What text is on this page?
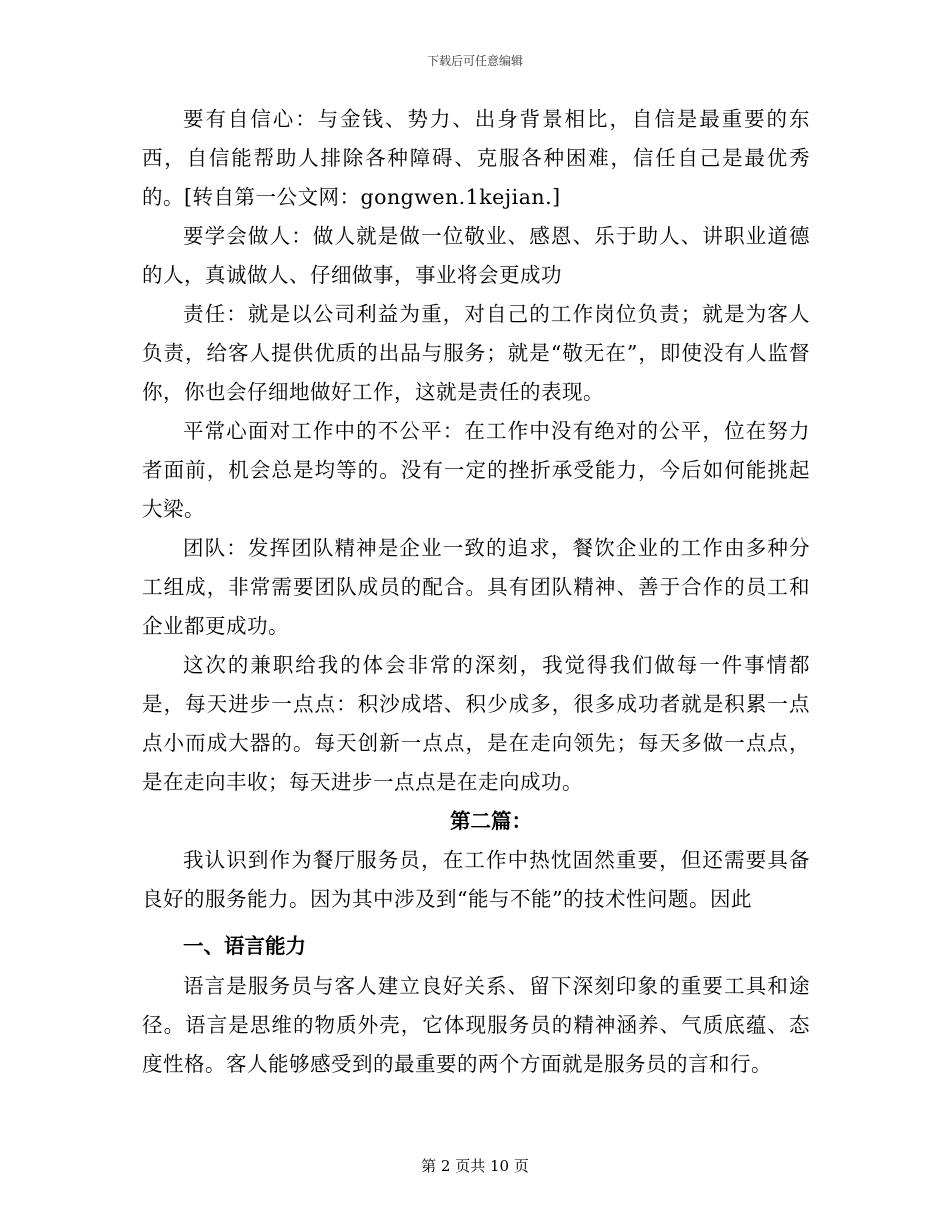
下载后可任意编辑

要有自信心：与金钱、势力、出身背景相比，自信是最重要的东西，自信能帮助人排除各种障碍、克服各种困难，信任自己是最优秀的。[转自第一公文网：gongwen.1kejian.]

要学会做人：做人就是做一位敬业、感恩、乐于助人、讲职业道德的人，真诚做人、仔细做事，事业将会更成功

责任：就是以公司利益为重，对自己的工作岗位负责；就是为客人负责，给客人提供优质的出品与服务；就是“敬无在”，即使没有人监督你，你也会仔细地做好工作，这就是责任的表现。

平常心面对工作中的不公平：在工作中没有绝对的公平，位在努力者面前，机会总是均等的。没有一定的挫折承受能力，今后如何能挑起大梁。

团队：发挥团队精神是企业一致的追求，餐饮企业的工作由多种分工组成，非常需要团队成员的配合。具有团队精神、善于合作的员工和企业都更成功。

这次的兼职给我的体会非常的深刻，我觉得我们做每一件事情都是，每天进步一点点：积沙成塔、积少成多，很多成功者就是积累一点点小而成大器的。每天创新一点点，是在走向领先；每天多做一点点，是在走向丰收；每天进步一点点是在走向成功。

第二篇：

我认识到作为餐厅服务员，在工作中热忱固然重要，但还需要具备良好的服务能力。因为其中涉及到“能与不能”的技术性问题。因此

一、语言能力

语言是服务员与客人建立良好关系、留下深刻印象的重要工具和途径。语言是思维的物质外壳，它体现服务员的精神涵养、气质底蕴、态度性格。客人能够感受到的最重要的两个方面就是服务员的言和行。

第 2 页共 10 页
